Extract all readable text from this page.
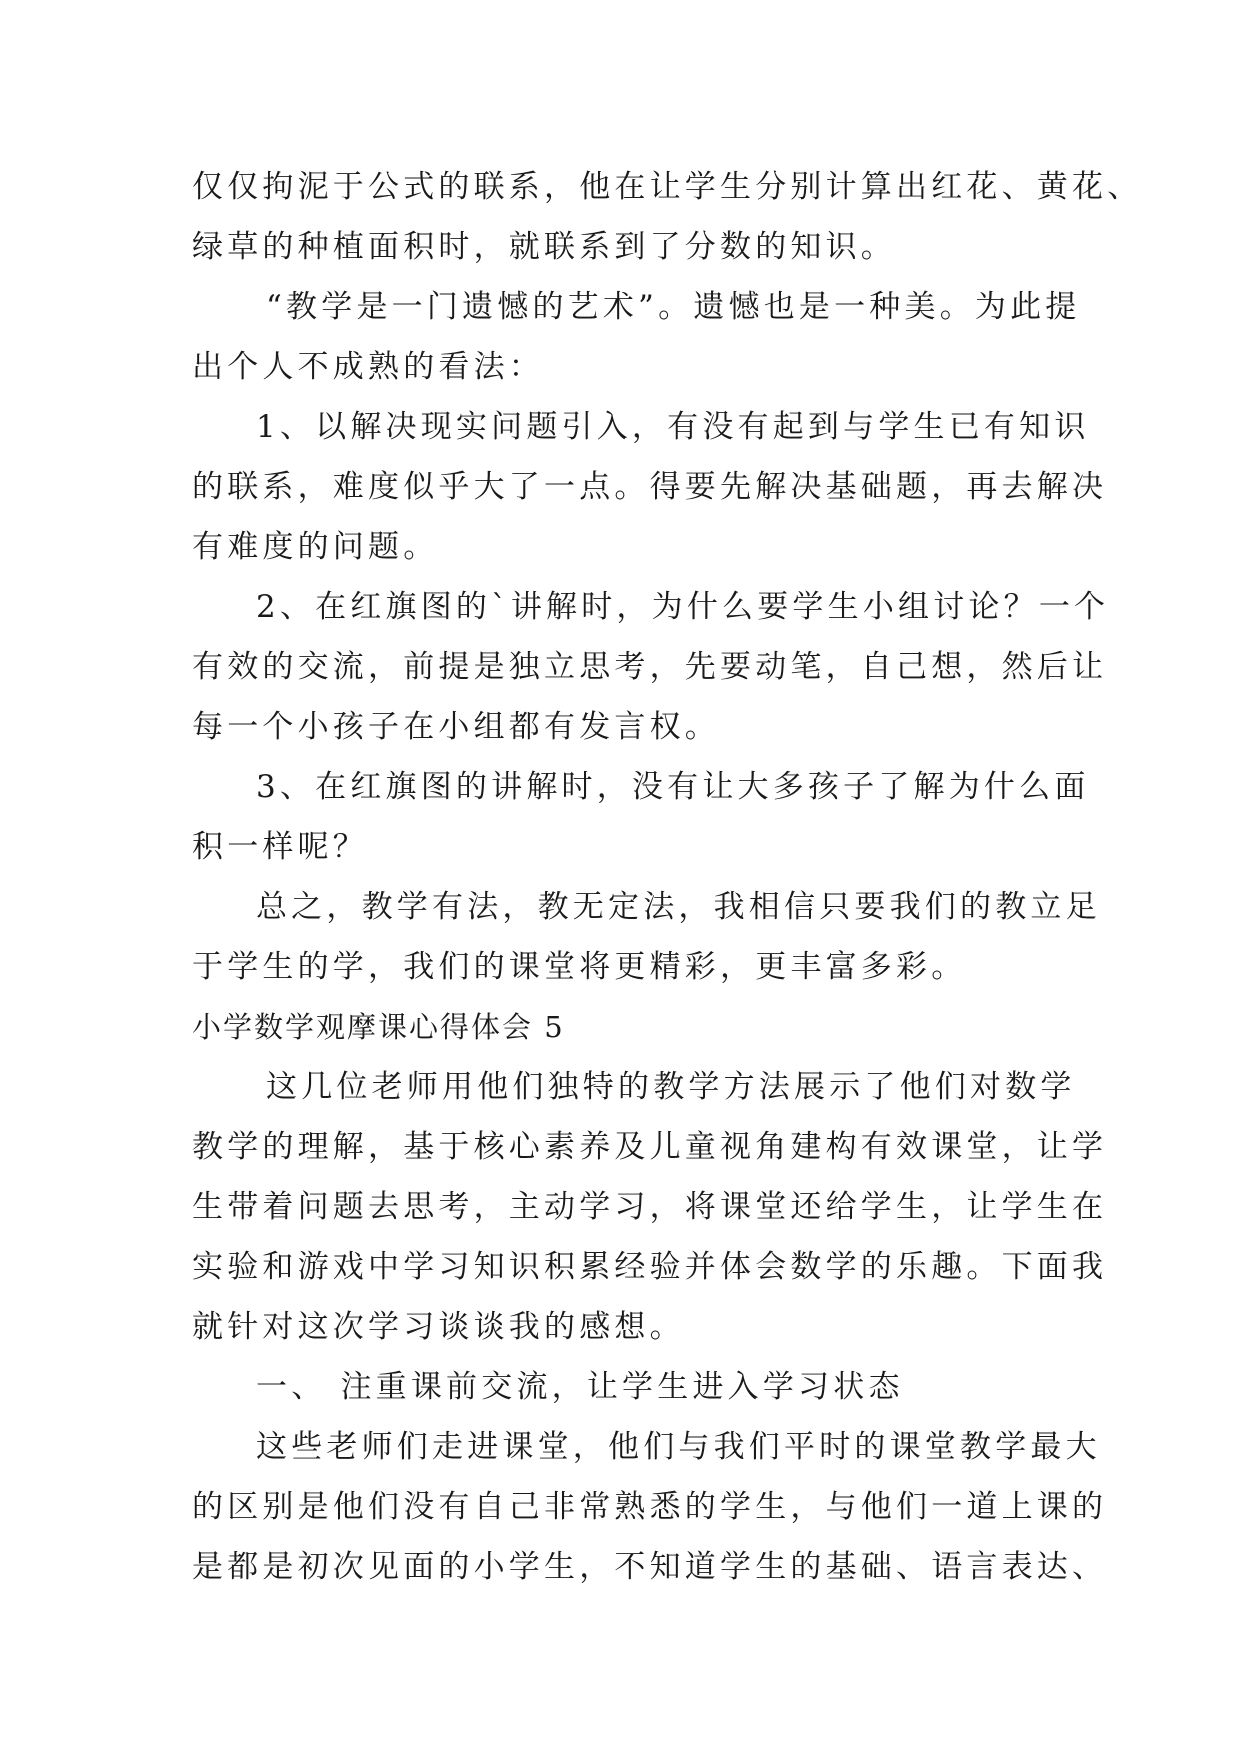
仅仅拘泥于公式的联系，他在让学生分别计算出红花、黄花、
绿草的种植面积时，就联系到了分数的知识。

“教学是一门遗憾的艺术”。遗憾也是一种美。为此提
出个人不成熟的看法：

1、以解决现实问题引入，有没有起到与学生已有知识
的联系，难度似乎大了一点。得要先解决基础题，再去解决
有难度的问题。

2、在红旗图的`讲解时，为什么要学生小组讨论？一个
有效的交流，前提是独立思考，先要动笔，自己想，然后让
每一个小孩子在小组都有发言权。

3、在红旗图的讲解时，没有让大多孩子了解为什么面
积一样呢？

总之，教学有法，教无定法，我相信只要我们的教立足
于学生的学，我们的课堂将更精彩，更丰富多彩。

小学数学观摩课心得体会 5

这几位老师用他们独特的教学方法展示了他们对数学
教学的理解，基于核心素养及儿童视角建构有效课堂，让学
生带着问题去思考，主动学习，将课堂还给学生，让学生在
实验和游戏中学习知识积累经验并体会数学的乐趣。下面我
就针对这次学习谈谈我的感想。

一、 注重课前交流，让学生进入学习状态

这些老师们走进课堂，他们与我们平时的课堂教学最大
的区别是他们没有自己非常熟悉的学生，与他们一道上课的
是都是初次见面的小学生，不知道学生的基础、语言表达、
